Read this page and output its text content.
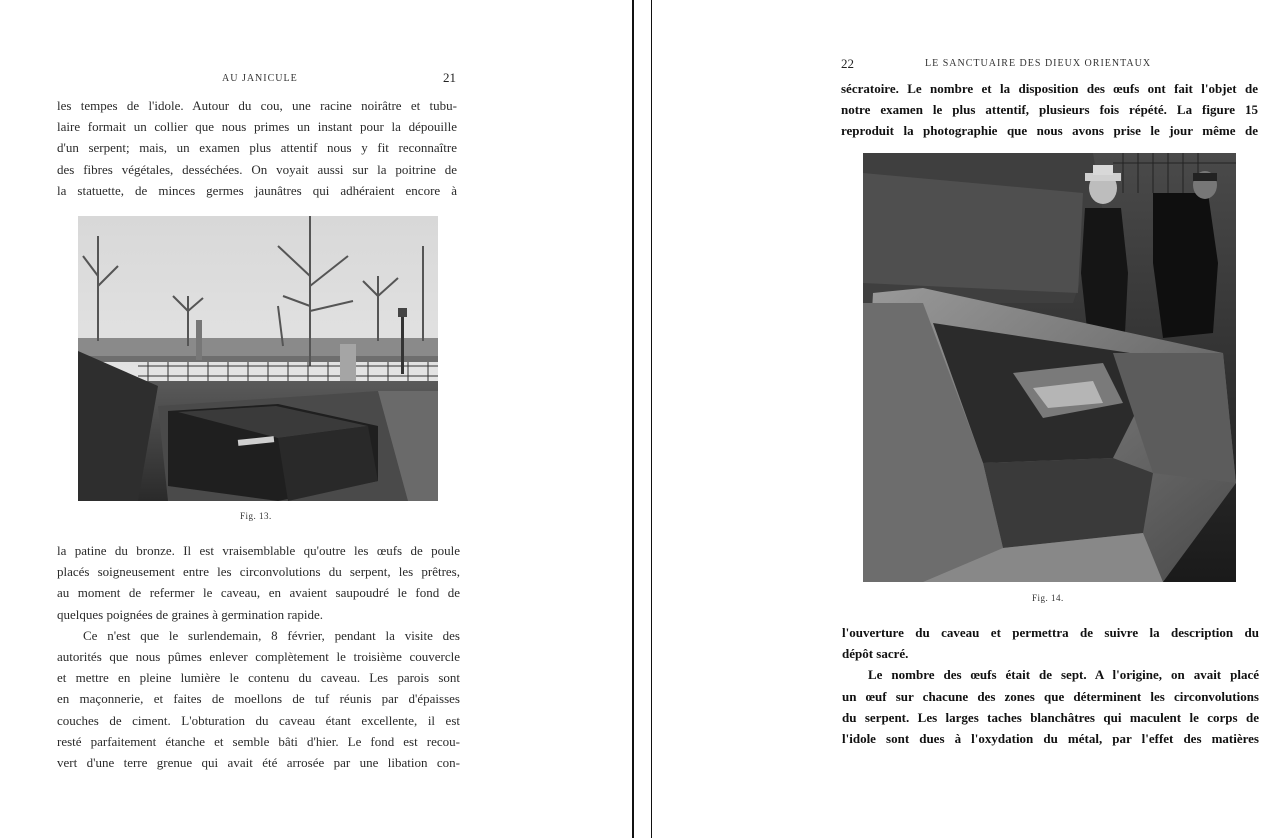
AU JANICULE	21
les tempes de l'idole. Autour du cou, une racine noirâtre et tubu-
laire formait un collier que nous primes un instant pour la dépouille
d'un serpent; mais, un examen plus attentif nous y fit reconnaître
des fibres végétales, desséchées. On voyait aussi sur la poitrine de
la statuette, de minces germes jaunâtres qui adhéraient encore à
Fig. 13.
la patine du bronze. Il est vraisemblable qu'outre les œufs de poule
placés soigneusement entre les circonvolutions du serpent, les prêtres,
au moment de refermer le caveau, en avaient saupoudré le fond de
quelques poignées de graines à germination rapide.
Ce n'est que le surlendemain, 8 février, pendant la visite des
autorités que nous pûmes enlever complètement le troisième couvercle
et mettre en pleine lumière le contenu du caveau. Les parois sont
en maçonnerie, et faites de moellons de tuf réunis par d'épaisses
couches de ciment. L'obturation du caveau étant excellente, il est
resté parfaitement étanche et semble bâti d'hier. Le fond est recou-
vert d'une terre grenue qui avait été arrosée par une libation con-
22	LE SANCTUAIRE DES DIEUX ORIENTAUX
sécratoire. Le nombre et la disposition des œufs ont fait l'objet de
notre examen le plus attentif, plusieurs fois répété. La figure 15
reproduit la photographie que nous avons prise le jour même de
Fig. 14.
l'ouverture du caveau et permettra de suivre la description du
dépôt sacré.
Le nombre des œufs était de sept. A l'origine, on avait placé
un œuf sur chacune des zones que déterminent les circonvolutions
du serpent. Les larges taches blanchâtres qui maculent le corps de
l'idole sont dues à l'oxydation du métal, par l'effet des matières
